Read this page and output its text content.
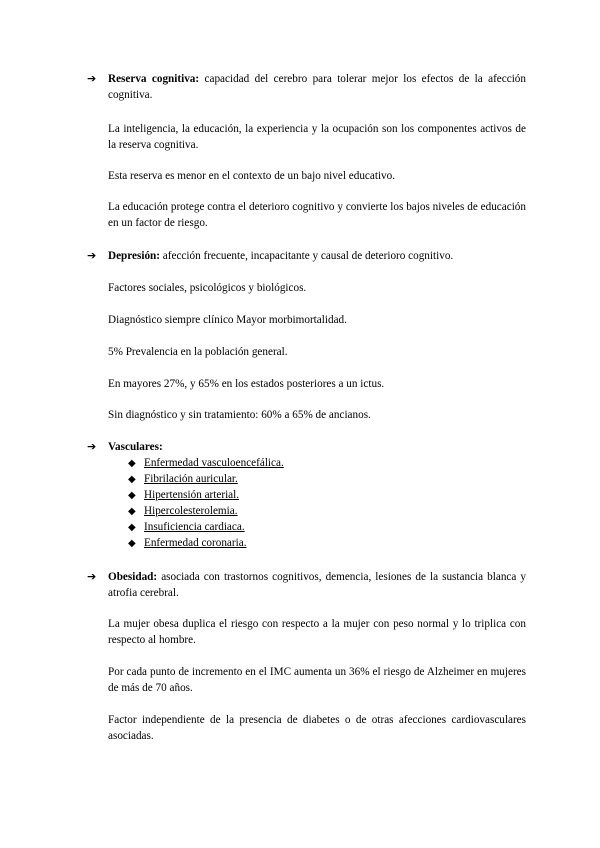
➔ Reserva cognitiva: capacidad del cerebro para tolerar mejor los efectos de la afección cognitiva.

La inteligencia, la educación, la experiencia y la ocupación son los componentes activos de la reserva cognitiva.

Esta reserva es menor en el contexto de un bajo nivel educativo.

La educación protege contra el deterioro cognitivo y convierte los bajos niveles de educación en un factor de riesgo.

➔ Depresión: afección frecuente, incapacitante y causal de deterioro cognitivo.

Factores sociales, psicológicos y biológicos.

Diagnóstico siempre clínico Mayor morbimortalidad.

5% Prevalencia en la población general.

En mayores 27%, y 65% en los estados posteriores a un ictus.

Sin diagnóstico y sin tratamiento: 60% a 65% de ancianos.

➔ Vasculares:

◆ Enfermedad vasculoencefálica.
◆ Fibrilación auricular.
◆ Hipertensión arterial.
◆ Hipercolesterolemia.
◆ Insuficiencia cardiaca.
◆ Enfermedad coronaria.
➔ Obesidad: asociada con trastornos cognitivos, demencia, lesiones de la sustancia blanca y atrofia cerebral.

La mujer obesa duplica el riesgo con respecto a la mujer con peso normal y lo triplica con respecto al hombre.

Por cada punto de incremento en el IMC aumenta un 36% el riesgo de Alzheimer en mujeres de más de 70 años.

Factor independiente de la presencia de diabetes o de otras afecciones cardiovasculares asociadas.
